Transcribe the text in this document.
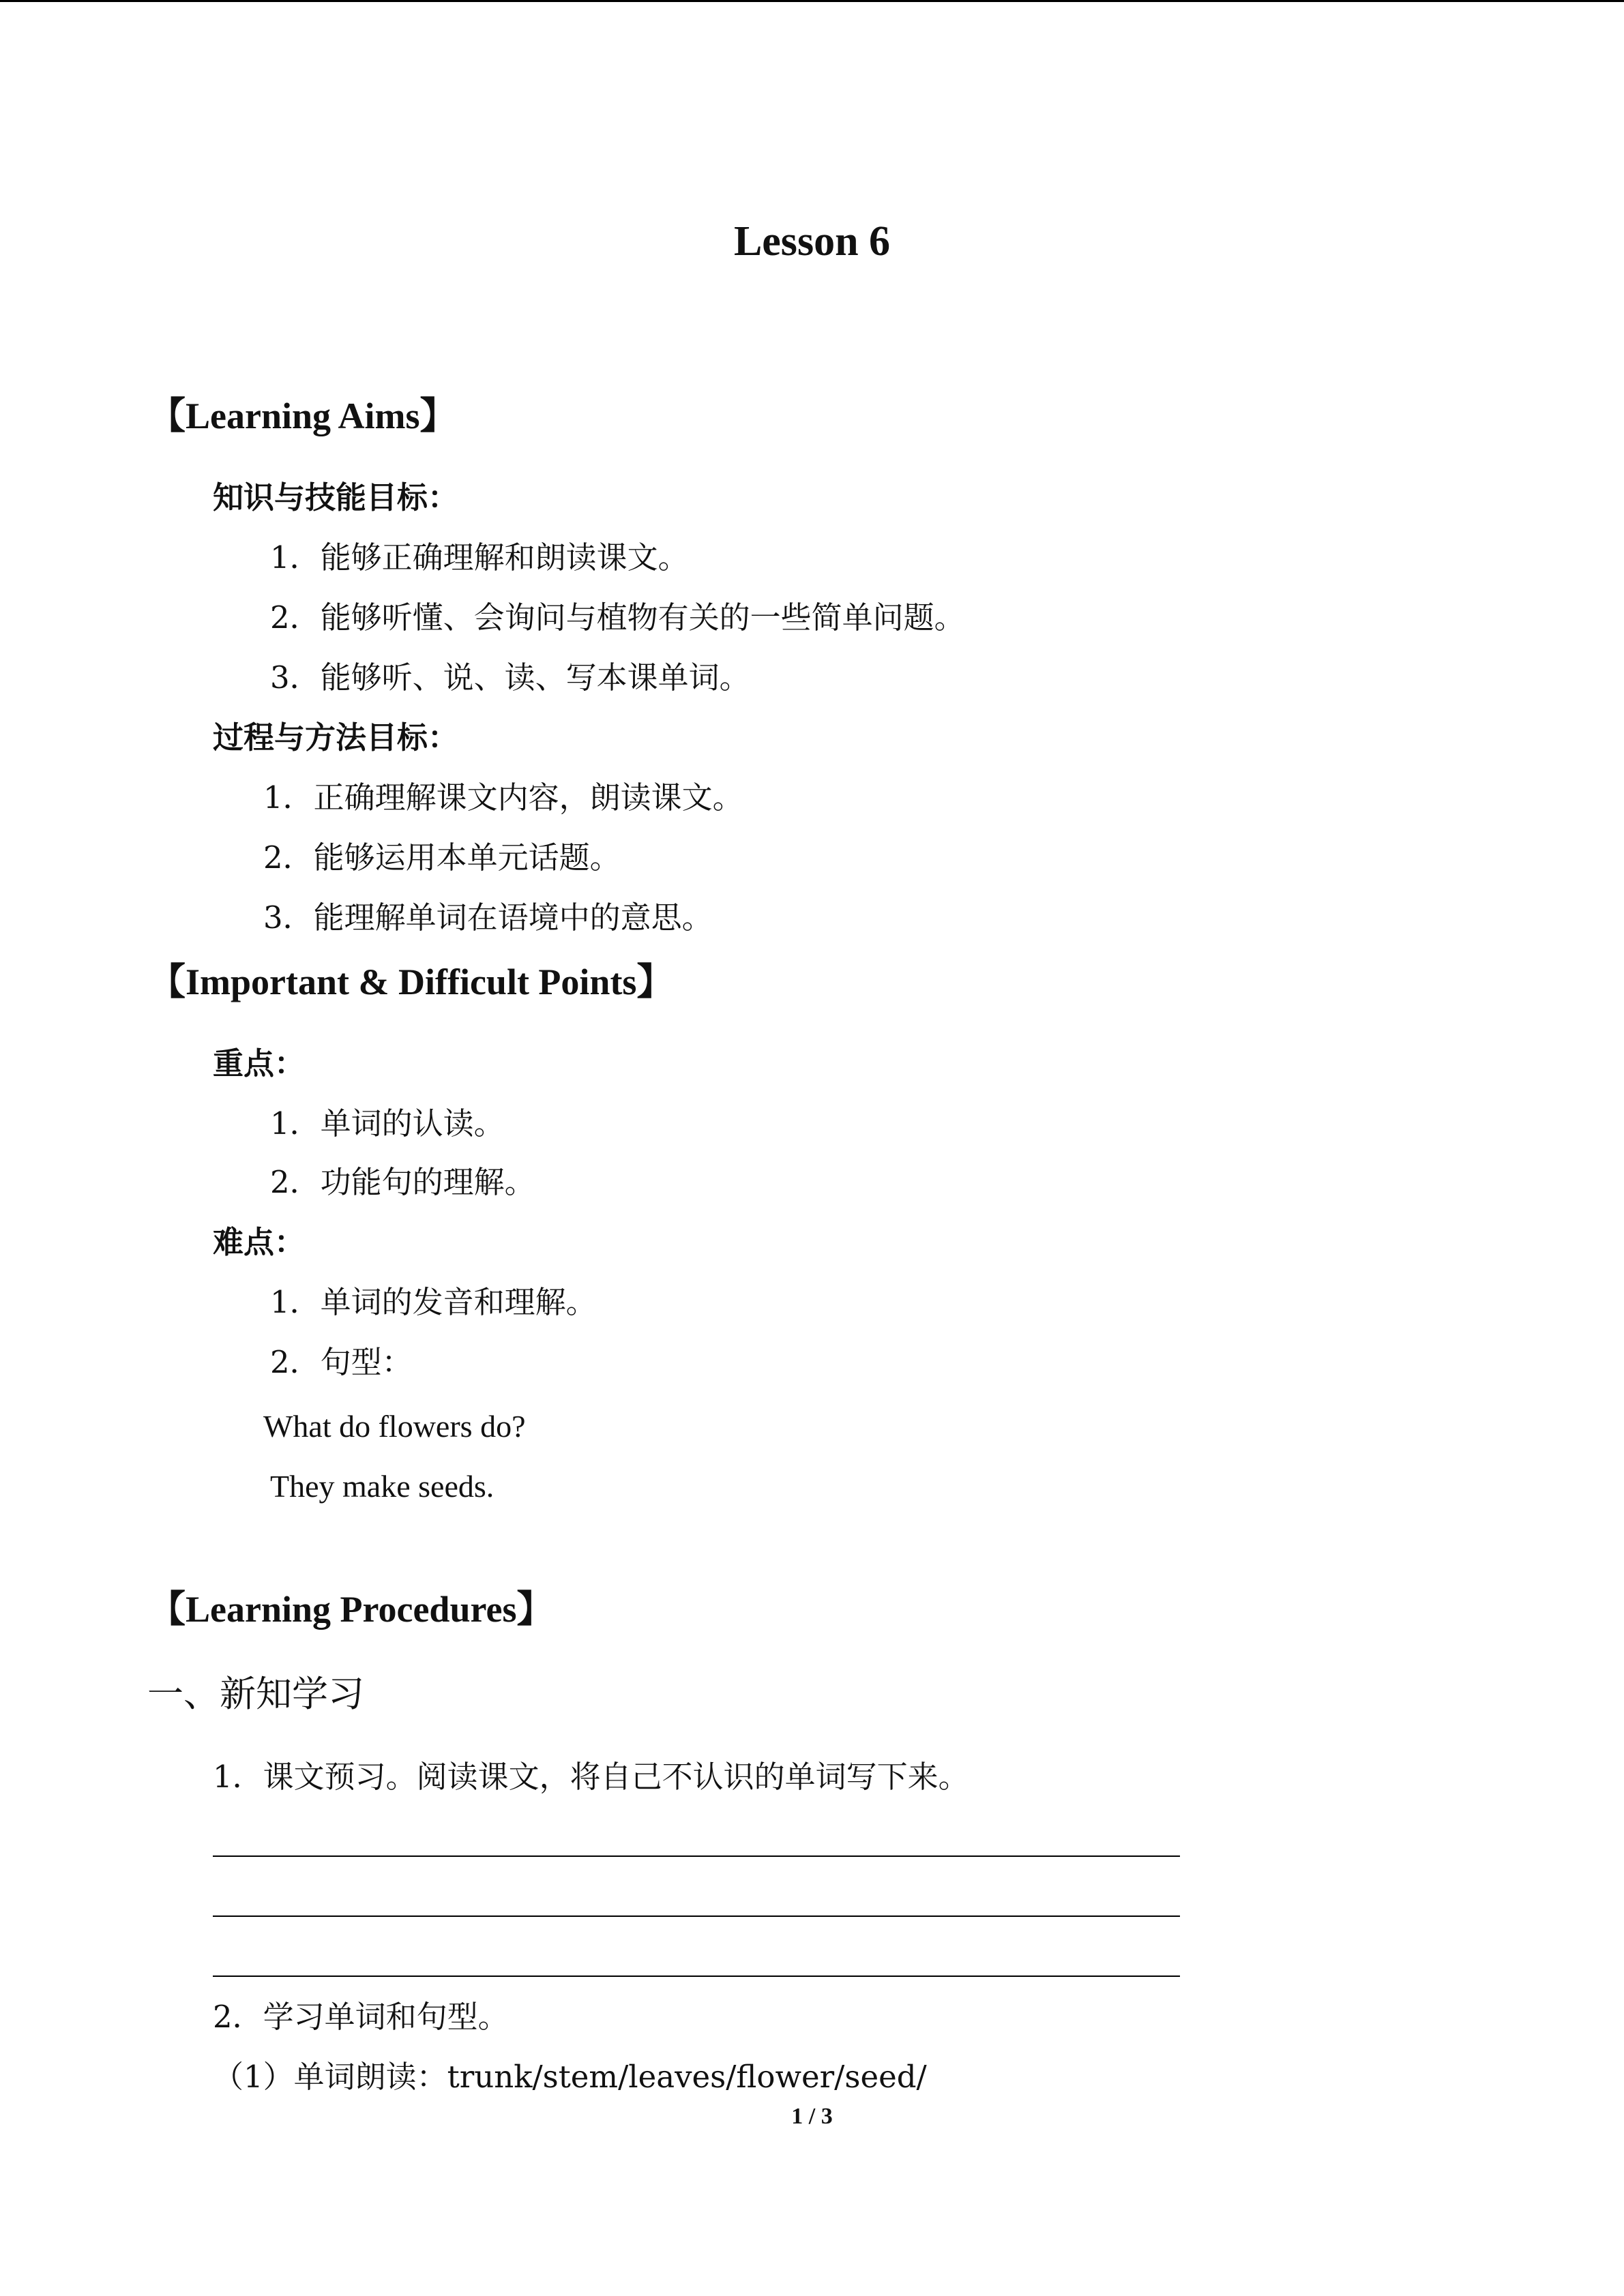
Lesson 6
【Learning Aims】
知识与技能目标：
1．能够正确理解和朗读课文。
2．能够听懂、会询问与植物有关的一些简单问题。
3．能够听、说、读、写本课单词。
过程与方法目标：
1．正确理解课文内容，朗读课文。
2．能够运用本单元话题。
3．能理解单词在语境中的意思。
【Important & Difficult Points】
重点：
1．单词的认读。
2．功能句的理解。
难点：
1．单词的发音和理解。
2．句型：
What do flowers do?
They make seeds.
【Learning Procedures】
一、新知学习
1．课文预习。阅读课文，将自己不认识的单词写下来。
2．学习单词和句型。
（1）单词朗读：trunk/stem/leaves/flower/seed/
1 / 3
